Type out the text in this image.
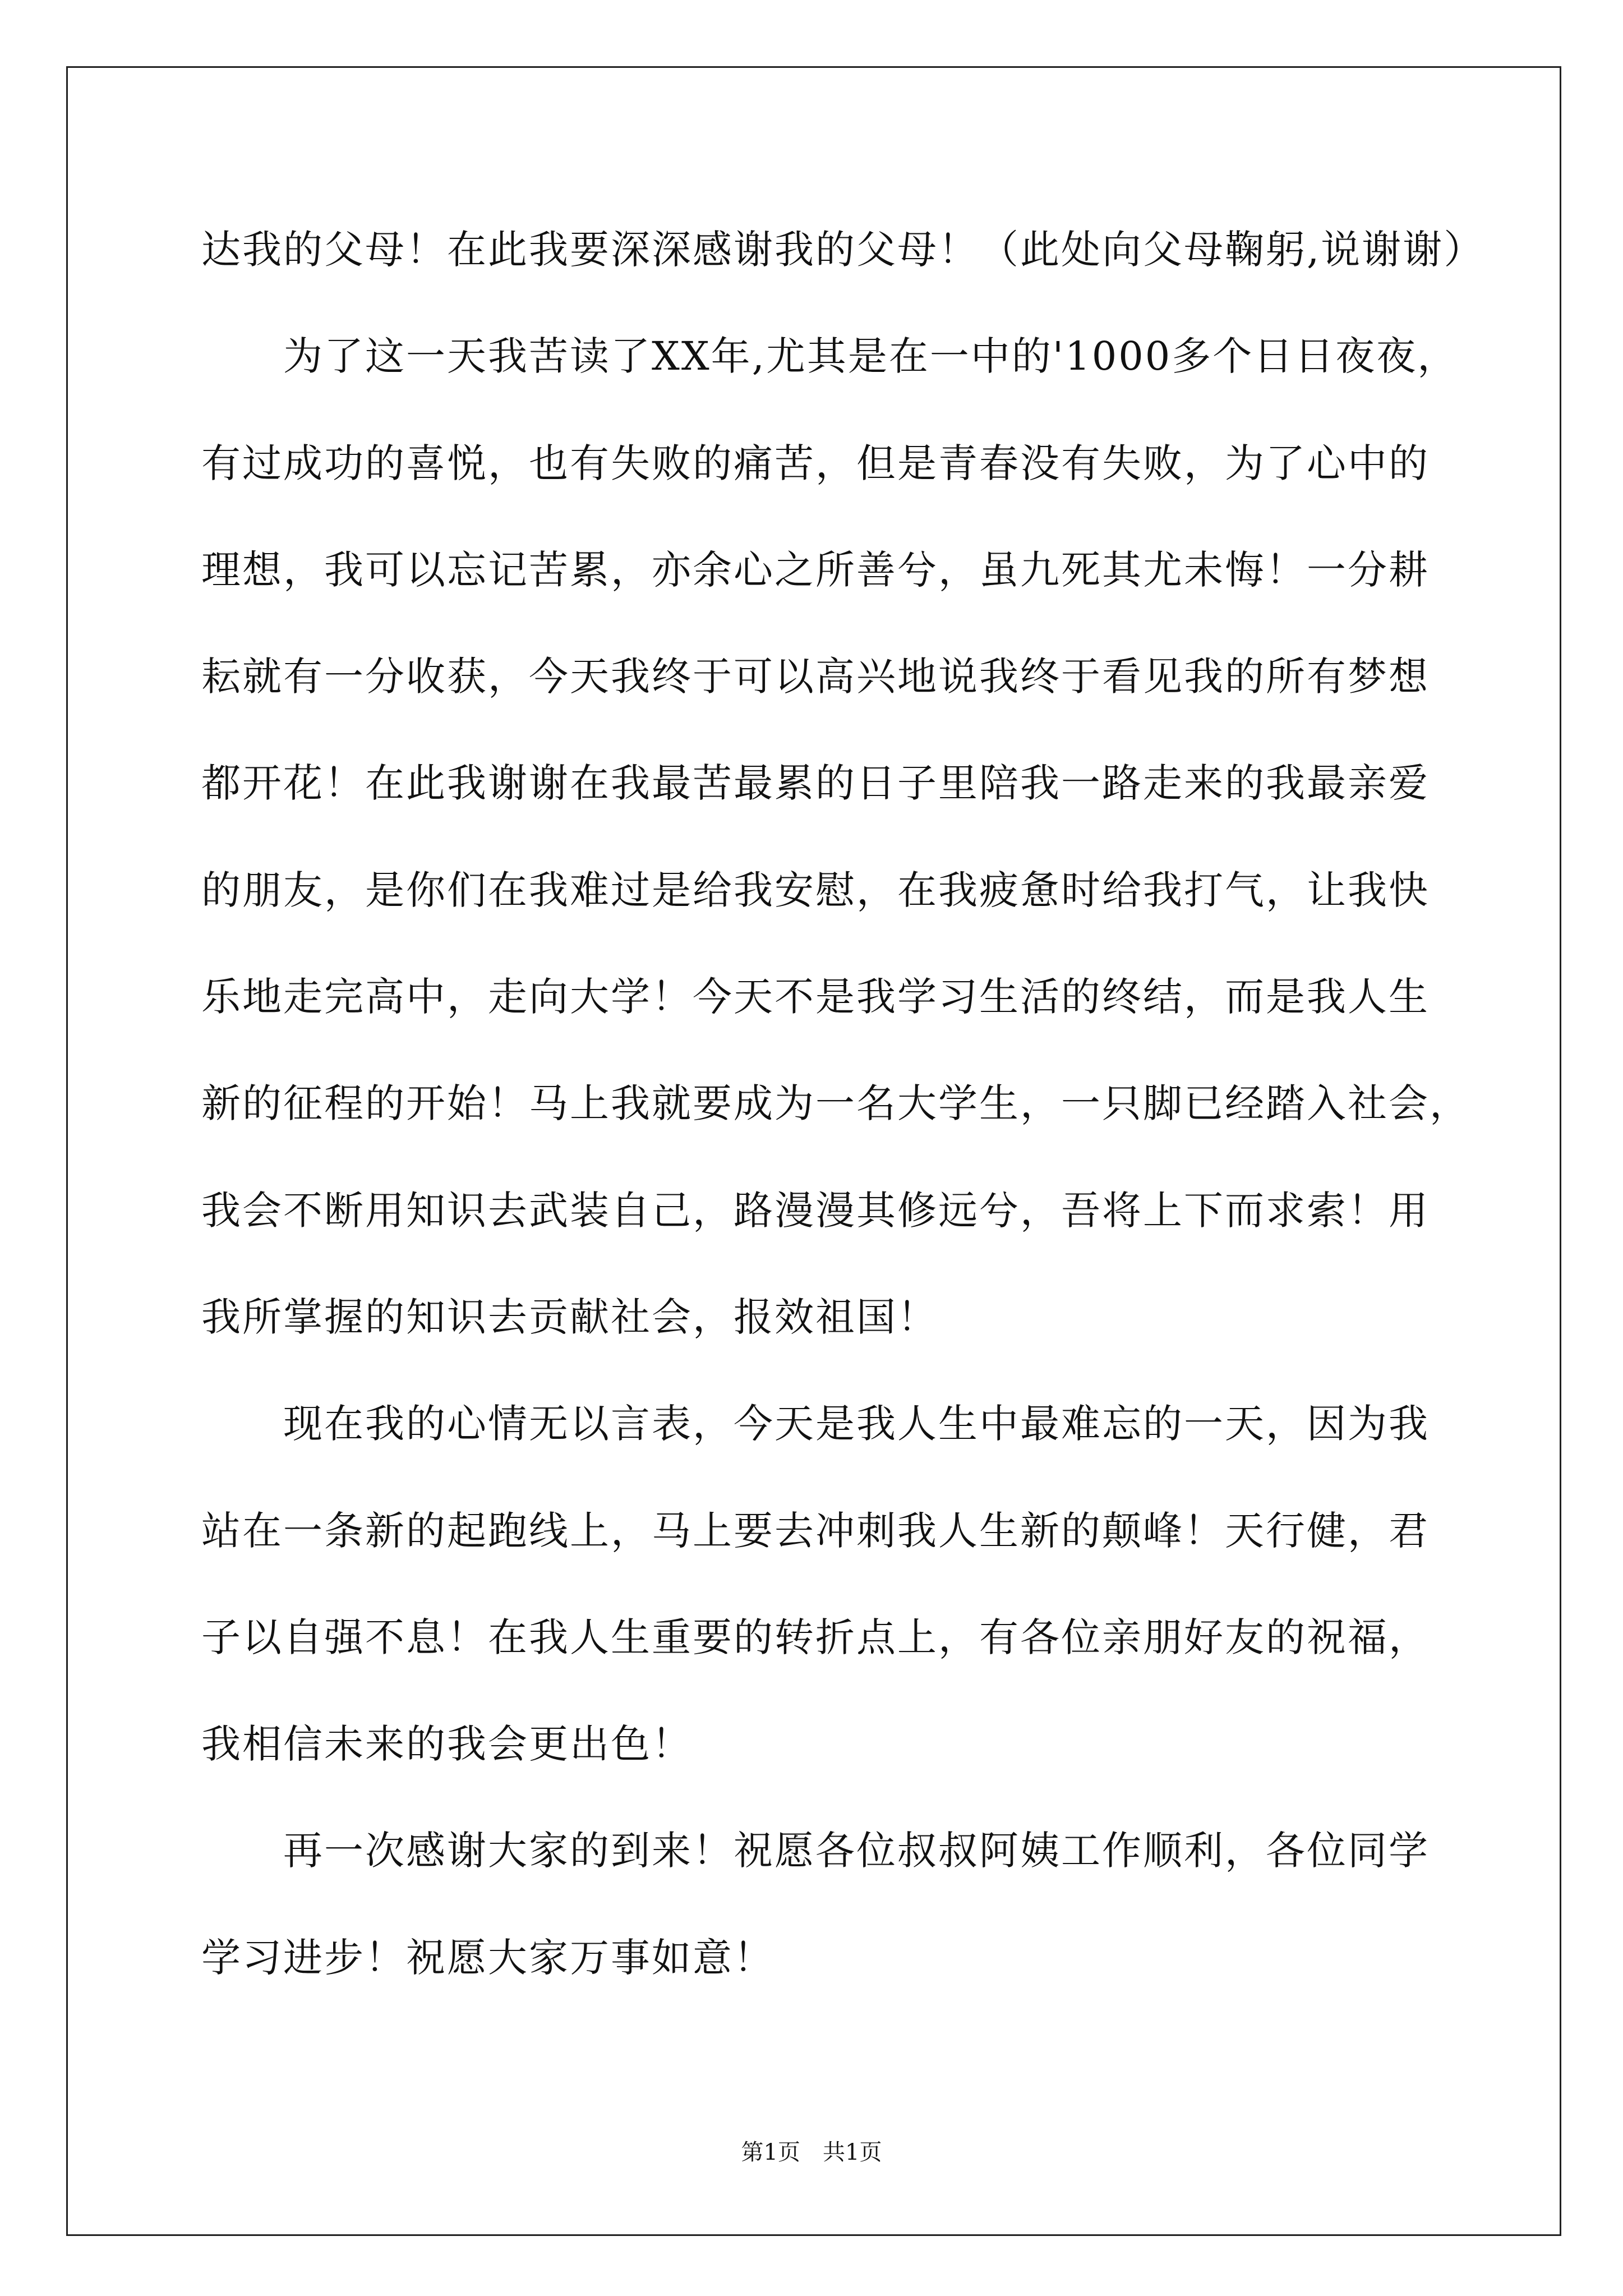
达我的父母！在此我要深深感谢我的父母！（此处向父母鞠躬,说谢谢）
为了这一天我苦读了XX年,尤其是在一中的'1000多个日日夜夜，
有过成功的喜悦，也有失败的痛苦，但是青春没有失败，为了心中的
理想，我可以忘记苦累，亦余心之所善兮，虽九死其尤未悔！一分耕
耘就有一分收获，今天我终于可以高兴地说我终于看见我的所有梦想
都开花！在此我谢谢在我最苦最累的日子里陪我一路走来的我最亲爱
的朋友，是你们在我难过是给我安慰，在我疲惫时给我打气，让我快
乐地走完高中，走向大学！今天不是我学习生活的终结，而是我人生
新的征程的开始！马上我就要成为一名大学生，一只脚已经踏入社会，
我会不断用知识去武装自己，路漫漫其修远兮，吾将上下而求索！用
我所掌握的知识去贡献社会，报效祖国！
现在我的心情无以言表，今天是我人生中最难忘的一天，因为我
站在一条新的起跑线上，马上要去冲刺我人生新的颠峰！天行健，君
子以自强不息！在我人生重要的转折点上，有各位亲朋好友的祝福，
我相信未来的我会更出色！
再一次感谢大家的到来！祝愿各位叔叔阿姨工作顺利，各位同学
学习进步！祝愿大家万事如意！
第1页　共1页
